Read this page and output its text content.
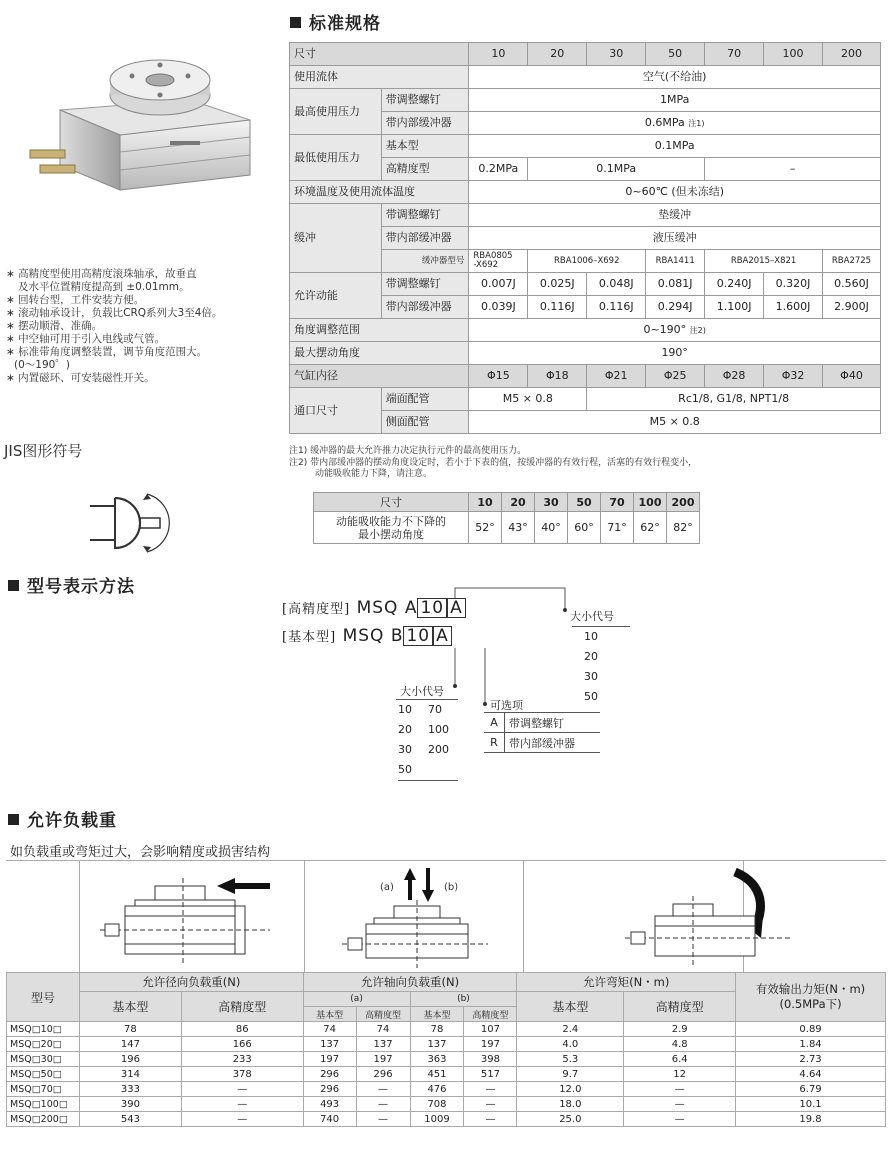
∗ 高精度型使用高精度滚珠轴承，故垂直
及水平位置精度提高到 ±0.01mm。
∗ 回转台型，工件安装方便。
∗ 滚动轴承设计，负载比CRQ系列大3至4倍。
∗ 摆动顺滑、准确。
∗ 中空轴可用于引入电线或气管。
∗ 标准带角度调整装置，调节角度范围大。
(0～190゜)
∗ 内置磁环、可安装磁性开关。
JIS图形符号
标准规格
尺寸		10	20	30	50	70	100	200
使用流体		空气(不给油)						
最高使用压力	带调整螺钉	1MPa						
	带内部缓冲器	0.6MPa 注1)						
最低使用压力	基本型	0.1MPa						
	高精度型	0.2MPa	0.1MPa			–		
环境温度及使用流体温度		0~60℃ (但未冻结)						
缓冲	带调整螺钉	垫缓冲						
	带内部缓冲器	液压缓冲						
	缓冲器型号	RBA0805
-X692	RBA1006–X692		RBA1411	RBA2015–X821		RBA2725
允许动能	带调整螺钉	0.007J	0.025J	0.048J	0.081J	0.240J	0.320J	0.560J
	带内部缓冲器	0.039J	0.116J	0.116J	0.294J	1.100J	1.600J	2.900J
角度调整范围		0~190° 注2)						
最大摆动角度		190°						
气缸内径		Φ15	Φ18	Φ21	Φ25	Φ28	Φ32	Φ40
通口尺寸	端面配管	M5 × 0.8		Rc1/8, G1/8, NPT1/8				
	侧面配管	M5 × 0.8						
注1) 缓冲器的最大允许推力决定执行元件的最高使用压力。
注2) 带内部缓冲器的摆动角度设定时，若小于下表的值，按缓冲器的有效行程，活塞的有效行程变小，
动能吸收能力下降，请注意。
尺寸	10	20	30	50	70	100	200

动能吸收能力不下降的
最小摆动角度	52°	43°	40°	60°	71°	62°	82°
型号表示方法
[高精度型] MSQ A 10 A
[基本型] MSQ B 10 A
大小代号
10
20
30
50
大小代号
10	70
20	100
30	200
50
可选项
A	带调整螺钉
R	带内部缓冲器
允许负载重
如负载重或弯矩过大，会影响精度或损害结构
(a)	(b)
型号	允许径向负载重(N)		允许轴向负载重(N)				允许弯矩(N・m)		有效输出力矩(N・m)
(0.5MPa下)

	基本型	高精度型	(a)		(b)		基本型	高精度型	
			基本型	高精度型	基本型	高精度型			
MSQ□10□	78	86	74	74	78	107	2.4	2.9	0.89
MSQ□20□	147	166	137	137	137	197	4.0	4.8	1.84
MSQ□30□	196	233	197	197	363	398	5.3	6.4	2.73
MSQ□50□	314	378	296	296	451	517	9.7	12	4.64
MSQ□70□	333	—	296	—	476	—	12.0	—	6.79
MSQ□100□	390	—	493	—	708	—	18.0	—	10.1
MSQ□200□	543	—	740	—	1009	—	25.0	—	19.8
